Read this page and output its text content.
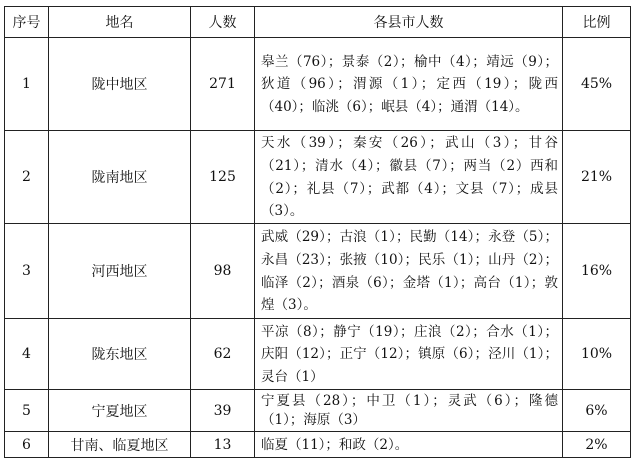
序号	地名	人数	各县市人数	比例
1	陇中地区	271	皋兰（76）；景泰（2）；榆中（4）；靖远（9）；狄道（96）；渭源（1）；定西（19）；陇西（40）；临洮（6）；岷县（4）；通渭（14）。	45%
2	陇南地区	125	天水（39）；秦安（26）；武山（3）；甘谷（21）；清水（4）；徽县（7）；两当（2）西和（2）；礼县（7）；武都（4）；文县（7）；成县（3）。	21%
3	河西地区	98	武威（29）；古浪（1）；民勤（14）；永登（5）；永昌（23）；张掖（10）；民乐（1）；山丹（2）；临泽（2）；酒泉（6）；金塔（1）；高台（1）；敦煌（3）。	16%
4	陇东地区	62	平凉（8）；静宁（19）；庄浪（2）；合水（1）；庆阳（12）；正宁（12）；镇原（6）；泾川（1）；灵台（1）	10%
5	宁夏地区	39	宁夏县（28）；中卫（1）；灵武（6）；隆德（1）；海原（3）	6%
6	甘南、临夏地区	13	临夏（11）；和政（2）。	2%
